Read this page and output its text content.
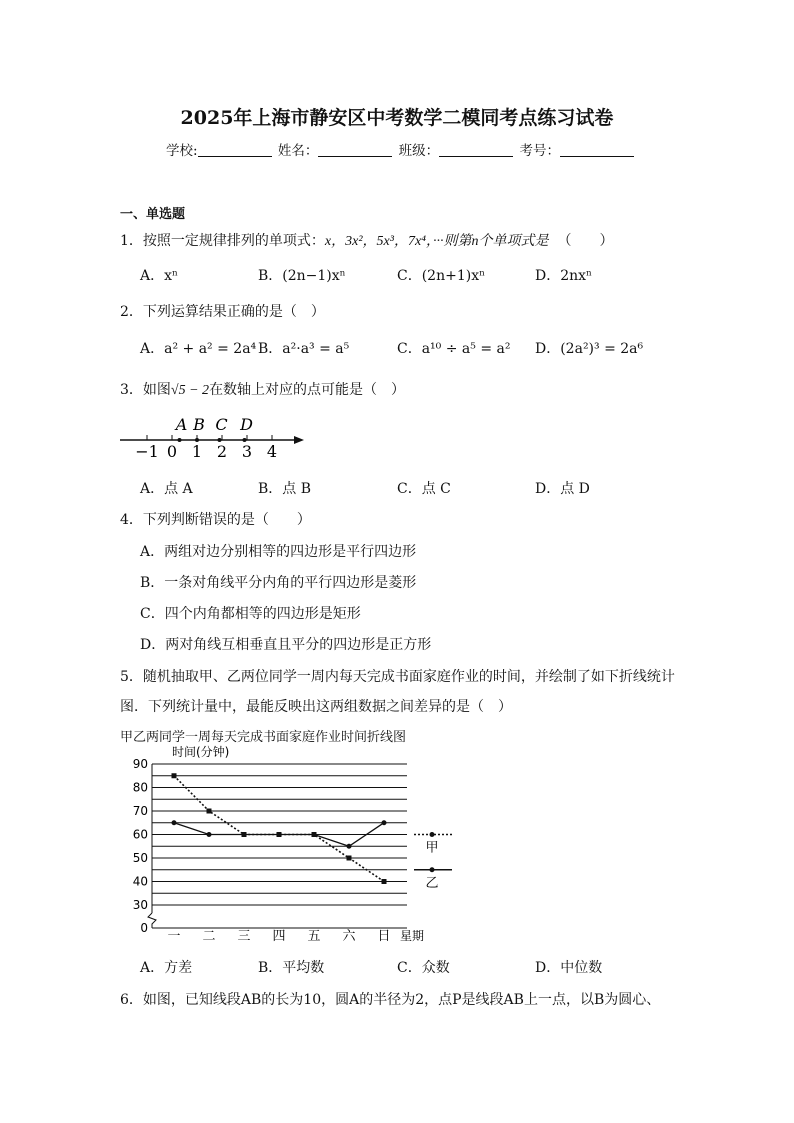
2025年上海市静安区中考数学二模同考点练习试卷
学校:	姓名：	班级：	考号：
一、单选题
1．按照一定规律排列的单项式：x，3x²，5x³，7x⁴，···则第n个单项式是 （　　）
A．xⁿ	B．(2n−1)xⁿ	C．(2n+1)xⁿ	D．2nxⁿ
2．下列运算结果正确的是（　）
A．a² + a² = 2a⁴ B．a²·a³ = a⁵	C．a¹⁰ ÷ a⁵ = a² D．(2a²)³ = 2a⁶
3．如图√5 − 2在数轴上对应的点可能是（　）
−1 0 1 2 3 4
A B C D
A．点 A	B．点 B	C．点 C	D．点 D
4．下列判断错误的是（　　）
A．两组对边分别相等的四边形是平行四边形
B．一条对角线平分内角的平行四边形是菱形
C．四个内角都相等的四边形是矩形
D．两对角线互相垂直且平分的四边形是正方形
5．随机抽取甲、乙两位同学一周内每天完成书面家庭作业的时间，并绘制了如下折线统计
图．下列统计量中，最能反映出这两组数据之间差异的是（　）
甲乙两同学一周每天完成书面家庭作业时间折线图
时间(分钟)
0
30
40
50
60
70
80
90
一 二 三 四 五 六 日 星期
甲
乙
A．方差	B．平均数	C．众数	D．中位数
6．如图，已知线段AB的长为10，圆A的半径为2，点P是线段AB上一点，以B为圆心、
